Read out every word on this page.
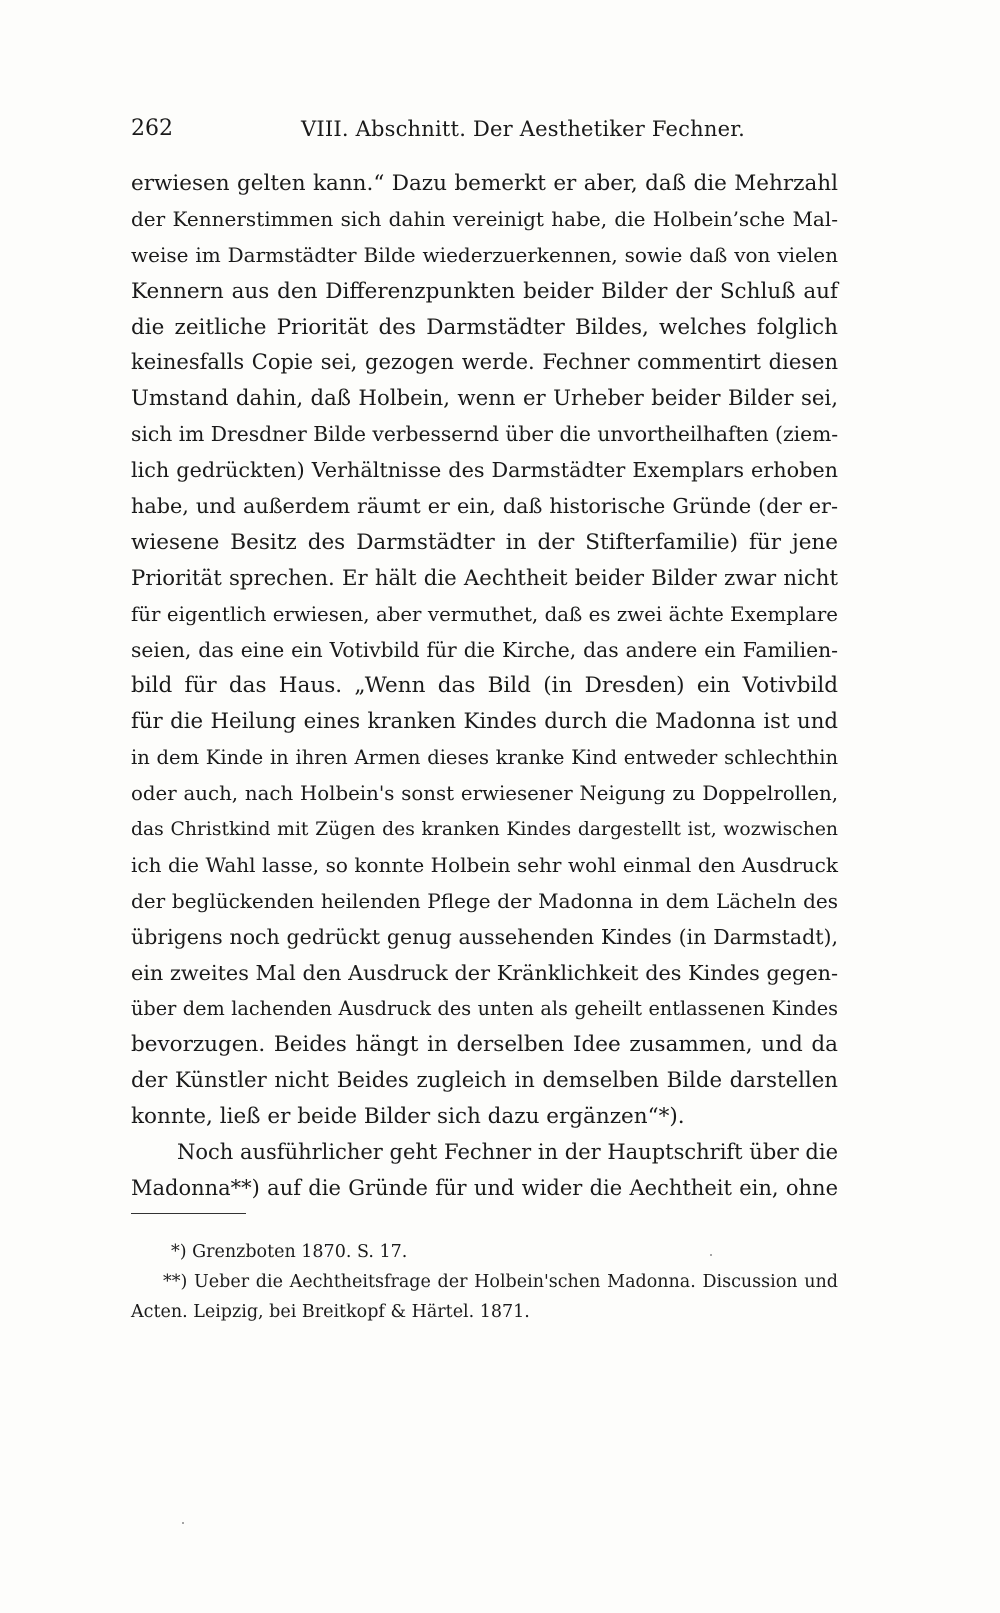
262	VIII. Abschnitt. Der Aesthetiker Fechner.
erwiesen gelten kann.“ Dazu bemerkt er aber, daß die Mehrzahl
der Kennerstimmen sich dahin vereinigt habe, die Holbein’sche Mal-
weise im Darmstädter Bilde wiederzuerkennen, sowie daß von vielen
Kennern aus den Differenzpunkten beider Bilder der Schluß auf
die zeitliche Priorität des Darmstädter Bildes, welches folglich
keinesfalls Copie sei, gezogen werde. Fechner commentirt diesen
Umstand dahin, daß Holbein, wenn er Urheber beider Bilder sei,
sich im Dresdner Bilde verbessernd über die unvortheilhaften (ziem-
lich gedrückten) Verhältnisse des Darmstädter Exemplars erhoben
habe, und außerdem räumt er ein, daß historische Gründe (der er-
wiesene Besitz des Darmstädter in der Stifterfamilie) für jene
Priorität sprechen. Er hält die Aechtheit beider Bilder zwar nicht
für eigentlich erwiesen, aber vermuthet, daß es zwei ächte Exemplare
seien, das eine ein Votivbild für die Kirche, das andere ein Familien-
bild für das Haus. „Wenn das Bild (in Dresden) ein Votivbild
für die Heilung eines kranken Kindes durch die Madonna ist und
in dem Kinde in ihren Armen dieses kranke Kind entweder schlechthin
oder auch, nach Holbein's sonst erwiesener Neigung zu Doppelrollen,
das Christkind mit Zügen des kranken Kindes dargestellt ist, wozwischen
ich die Wahl lasse, so konnte Holbein sehr wohl einmal den Ausdruck
der beglückenden heilenden Pflege der Madonna in dem Lächeln des
übrigens noch gedrückt genug aussehenden Kindes (in Darmstadt),
ein zweites Mal den Ausdruck der Kränklichkeit des Kindes gegen-
über dem lachenden Ausdruck des unten als geheilt entlassenen Kindes
bevorzugen. Beides hängt in derselben Idee zusammen, und da
der Künstler nicht Beides zugleich in demselben Bilde darstellen
konnte, ließ er beide Bilder sich dazu ergänzen“*).
Noch ausführlicher geht Fechner in der Hauptschrift über die
Madonna**) auf die Gründe für und wider die Aechtheit ein, ohne
*) Grenzboten 1870. S. 17.
**) Ueber die Aechtheitsfrage der Holbein'schen Madonna. Discussion und
Acten. Leipzig, bei Breitkopf & Härtel. 1871.
